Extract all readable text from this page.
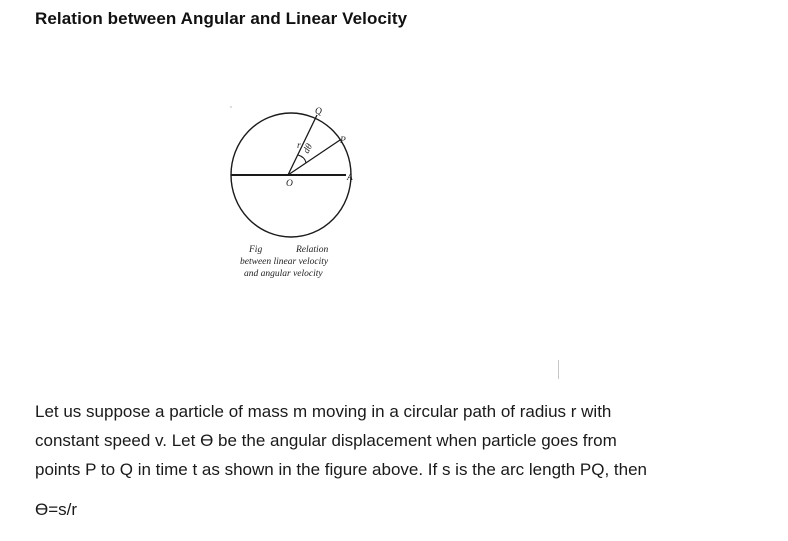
Relation between Angular and Linear Velocity
Q
P
A
O
r dθ
Fig	Relation
between linear velocity
and angular velocity

Let us suppose a particle of mass m moving in a circular path of radius r with
constant speed v. Let Ө be the angular displacement when particle goes from
points P to Q in time t as shown in the figure above. If s is the arc length PQ, then

Ө=s/r
